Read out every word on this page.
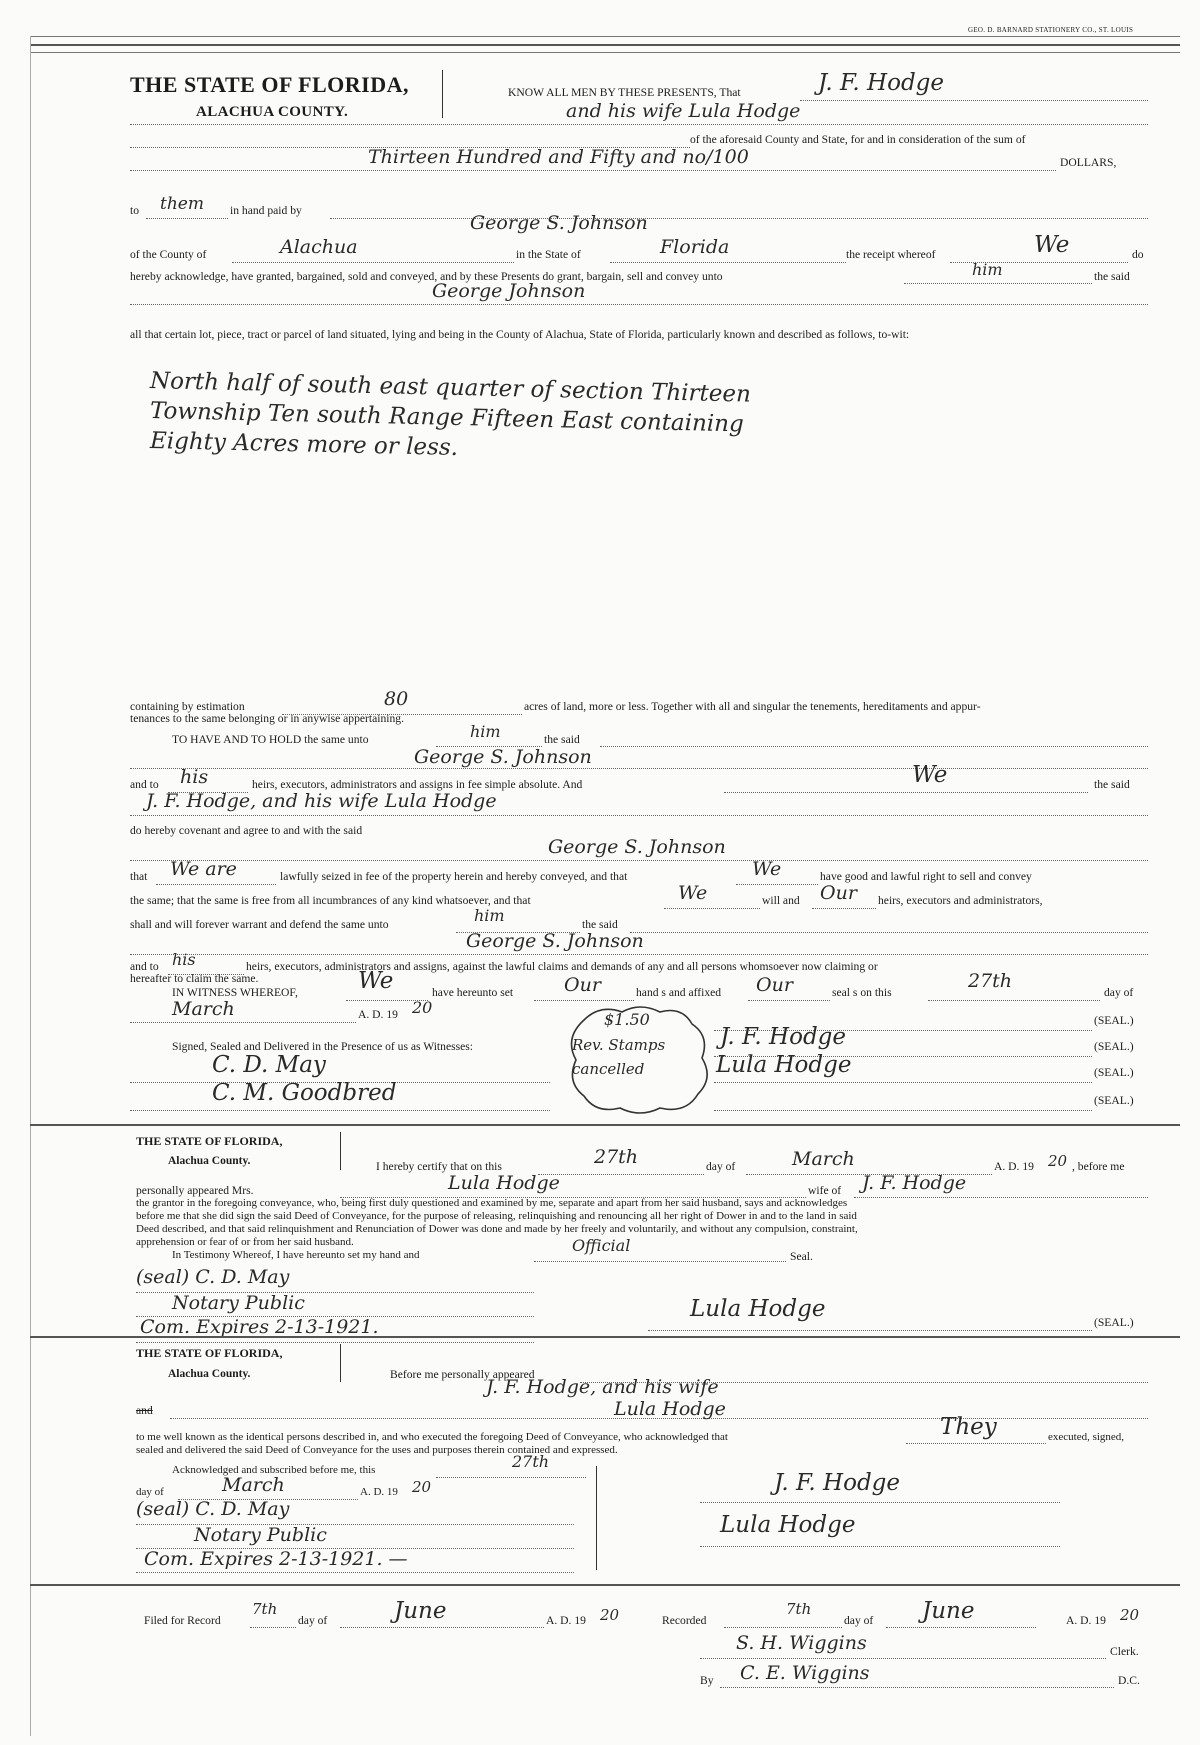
GEO. D. BARNARD STATIONERY CO., ST. LOUIS
THE STATE OF FLORIDA,
ALACHUA COUNTY.
KNOW ALL MEN BY THESE PRESENTS, That	J. F. Hodge
and his wife Lula Hodge
of the aforesaid County and State, for and in consideration of the sum of
Thirteen Hundred and Fifty and no/100	DOLLARS,
to them in hand paid by
George S. Johnson
of the County of	Alachua	in the State of	Florida	the receipt whereof	We	do
hereby acknowledge, have granted, bargained, sold and conveyed, and by these Presents do grant, bargain, sell and convey unto	him	the said
George Johnson
all that certain lot, piece, tract or parcel of land situated, lying and being in the County of Alachua, State of Florida, particularly known and described as follows, to-wit:
North half of south east quarter of section Thirteen
Township Ten south Range Fifteen East containing
Eighty Acres more or less.
containing by estimation	80	acres of land, more or less. Together with all and singular the tenements, hereditaments and appur-
tenances to the same belonging or in anywise appertaining.
TO HAVE AND TO HOLD the same unto	him	the said
George S. Johnson
and to his	heirs, executors, administrators and assigns in fee simple absolute. And	We	the said
J. F. Hodge, and his wife Lula Hodge
do hereby covenant and agree to and with the said
George S. Johnson
that We are	lawfully seized in fee of the property herein and hereby conveyed, and that	We	have good and lawful right to sell and convey
the same; that the same is free from all incumbrances of any kind whatsoever, and that	We	will and Our heirs, executors and administrators,
shall and will forever warrant and defend the same unto	him	the said
George S. Johnson
and to his	heirs, executors, administrators and assigns, against the lawful claims and demands of any and all persons whomsoever now claiming or
hereafter to claim the same.
IN WITNESS WHEREOF,	We	have hereunto set	Our	hand s and affixed Our	seal s on this
27th
day of
March	A. D. 19 20
(SEAL.)
Signed, Sealed and Delivered in the Presence of us as Witnesses:	J. F. Hodge	(SEAL.)
C. D. May	Lula Hodge	(SEAL.)
C. M. Goodbred	(SEAL.)
$1.50
Rev. Stamps
cancelled
THE STATE OF FLORIDA,
Alachua County.	I hereby certify that on this	27th	day of	March	A. D. 19 20 , before me
personally appeared Mrs.	Lula Hodge	wife of J. F. Hodge
the grantor in the foregoing conveyance, who, being first duly questioned and examined by me, separate and apart from her said husband, says and acknowledges
before me that she did sign the said Deed of Conveyance, for the purpose of releasing, relinquishing and renouncing all her right of Dower in and to the land in said
Deed described, and that said relinquishment and Renunciation of Dower was done and made by her freely and voluntarily, and without any compulsion, constraint,
apprehension or fear of or from her said husband.
In Testimony Whereof, I have hereunto set my hand and	Official
Seal.
(seal) C. D. May
Notary Public
Com. Expires 2-13-1921.
Lula Hodge
(SEAL.)
THE STATE OF FLORIDA,
Alachua County.	Before me personally appeared
J. F. Hodge, and his wife
and	Lula Hodge
to me well known as the identical persons described in, and who executed the foregoing Deed of Conveyance, who acknowledged that	They	executed, signed,
sealed and delivered the said Deed of Conveyance for the uses and purposes therein contained and expressed.
Acknowledged and subscribed before me, this	27th
day of	March	A. D. 19 20
(seal) C. D. May
Notary Public
Com. Expires 2-13-1921. —
J. F. Hodge
Lula Hodge
Filed for Record
7th
day of	June	A. D. 19 20	Recorded
7th
day of June	A. D. 19 20
S. H. Wiggins	Clerk.
By C. E. Wiggins	D.C.
